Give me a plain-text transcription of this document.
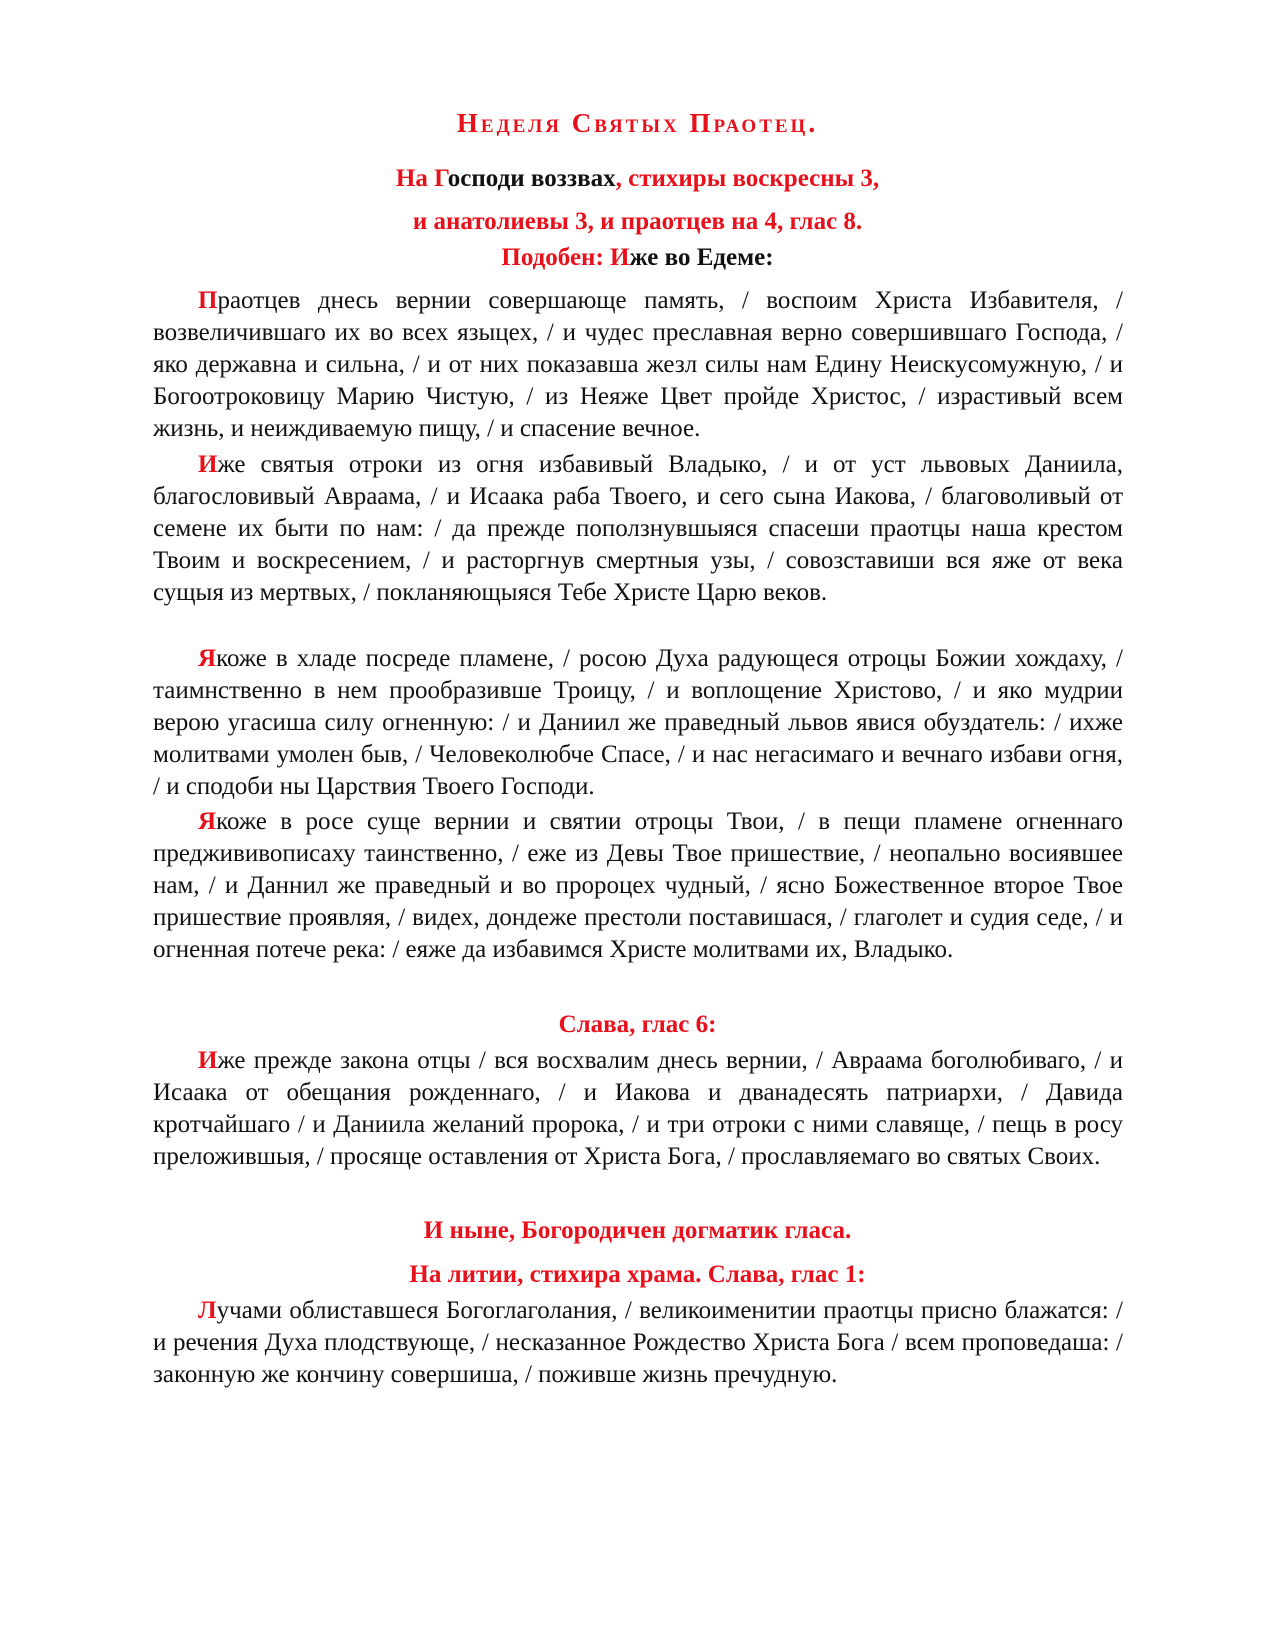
Неделя Святых Праотец.

На Господи воззвах, стихиры воскресны 3,

и анатолиевы 3, и праотцев на 4, глас 8.

Подобен: Иже во Едеме:

Праотцев днесь вернии совершающе память, / воспоим Христа Избавителя, / возвеличившаго их во всех языцех, / и чудес преславная верно совершившаго Господа, / яко державна и сильна, / и от них показавша жезл силы нам Едину Неискусомужную, / и Богоотроковицу Марию Чистую, / из Неяже Цвет пройде Христос, / израстивый всем жизнь, и неиждиваемую пищу, / и спасение вечное.

Иже святыя отроки из огня избавивый Владыко, / и от уст львовых Даниила, благословивый Авраама, / и Исаака раба Твоего, и сего сына Иакова, / благоволивый от семене их быти по нам: / да прежде поползнувшыяся спасеши праотцы наша крестом Твоим и воскресением, / и расторгнув смертныя узы, / совозставиши вся яже от века сущыя из мертвых, / покланяющыяся Тебе Христе Царю веков.

Якоже в хладе посреде пламене, / росою Духа радующеся отроцы Божии хождаху, / таимнственно в нем прообразивше Троицу, / и воплощение Христово, / и яко мудрии верою угасиша силу огненную: / и Даниил же праведный львов явися обуздатель: / ихже молитвами умолен быв, / Человеколюбче Спасе, / и нас негасимаго и вечнаго избави огня, / и сподоби ны Царствия Твоего Господи.

Якоже в росе суще вернии и святии отроцы Твои, / в пещи пламене огненнаго преджививописаху таинственно, / еже из Девы Твое пришествие, / неопально восиявшее нам, / и Даннил же праведный и во пророцех чудный, / ясно Божественное второе Твое пришествие проявляя, / видех, дондеже престоли поставишася, / глаголет и судия седе, / и огненная потече река: / еяже да избавимся Христе молитвами их, Владыко.

Слава, глас 6:

Иже прежде закона отцы / вся восхвалим днесь вернии, / Авраама боголюбиваго, / и Исаака от обещания рожденнаго, / и Иакова и дванадесять патриархи, / Давида кротчайшаго / и Даниила желаний пророка, / и три отроки с ними славяще, / пещь в росу преложившыя, / просяще оставления от Христа Бога, / прославляемаго во святых Своих.

И ныне, Богородичен догматик гласа.

На литии, стихира храма. Слава, глас 1:

Лучами облиставшеся Богоглаголания, / великоименитии праотцы присно блажатся: / и речения Духа плодствующе, / несказанное Рождество Христа Бога / всем проповедаша: / законную же кончину совершиша, / поживше жизнь пречудную.
